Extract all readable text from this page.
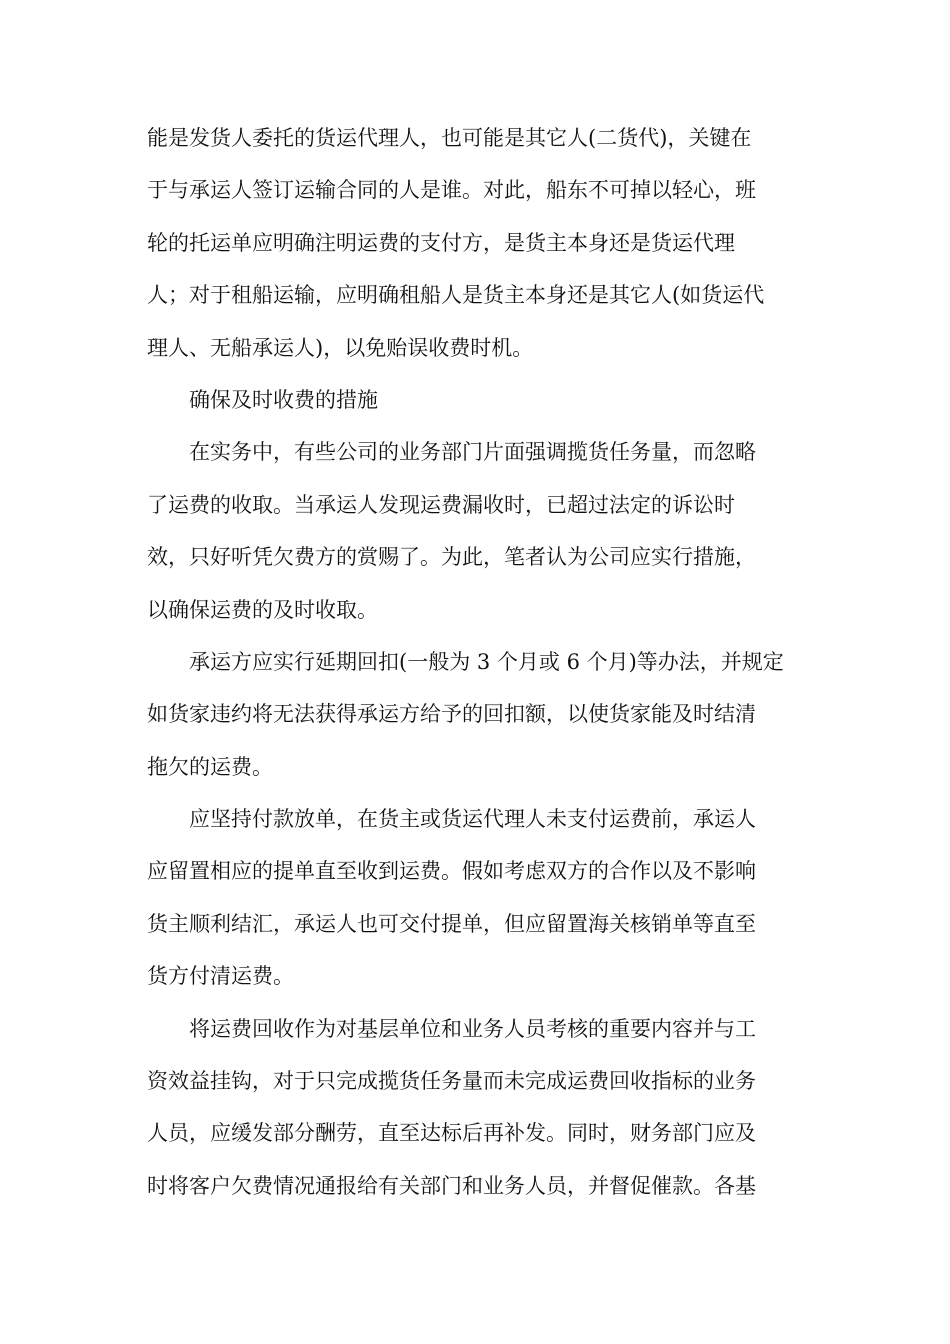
能是发货人委托的货运代理人，也可能是其它人(二货代)，关键在
于与承运人签订运输合同的人是谁。对此，船东不可掉以轻心，班
轮的托运单应明确注明运费的支付方，是货主本身还是货运代理
人；对于租船运输，应明确租船人是货主本身还是其它人(如货运代
理人、无船承运人)，以免贻误收费时机。
确保及时收费的措施
在实务中，有些公司的业务部门片面强调揽货任务量，而忽略
了运费的收取。当承运人发现运费漏收时，已超过法定的诉讼时
效，只好听凭欠费方的赏赐了。为此，笔者认为公司应实行措施，
以确保运费的及时收取。
承运方应实行延期回扣(一般为 3 个月或 6 个月)等办法，并规定
如货家违约将无法获得承运方给予的回扣额，以使货家能及时结清
拖欠的运费。
应坚持付款放单，在货主或货运代理人未支付运费前，承运人
应留置相应的提单直至收到运费。假如考虑双方的合作以及不影响
货主顺利结汇，承运人也可交付提单，但应留置海关核销单等直至
货方付清运费。
将运费回收作为对基层单位和业务人员考核的重要内容并与工
资效益挂钩，对于只完成揽货任务量而未完成运费回收指标的业务
人员，应缓发部分酬劳，直至达标后再补发。同时，财务部门应及
时将客户欠费情况通报给有关部门和业务人员，并督促催款。各基
